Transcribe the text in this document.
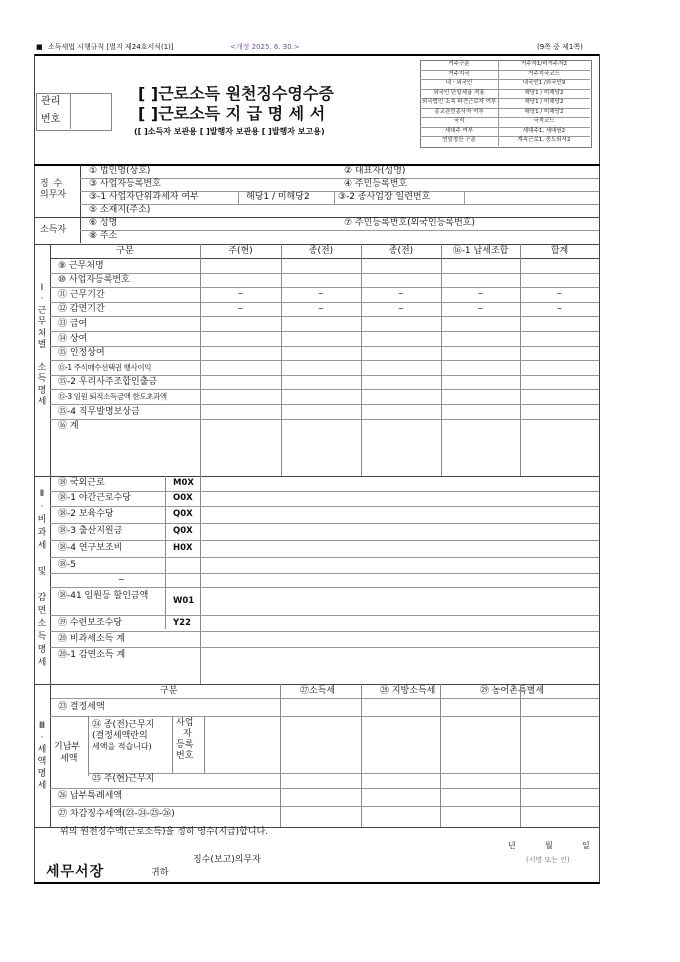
■ 소득세법 시행규칙 [별지 제24호서식(1)]	<개정 2025. 6. 30.>	(9쪽 중 제1쪽)
관리
번호
[ ]근로소득 원천징수영수증
[ ]근로소득 지 급 명 세 서
([ ]소득자 보관용 [ ]발행자 보관용 [ ]발행자 보고용)
거주구분	거주자1/비거주자2
거주지국	거주지국코드
내ㆍ외국인	내국인1 /외국인9
외국인 단일세율 적용	해당1 / 미해당2
외국법인 소속 파견근로자 여부	해당1 / 미해당2
종교관련종사자 여부	해당1 / 미해당2
국적	국적코드
세대주 여부	세대주1, 세대원2
연말정산 구분	계속근로1, 중도퇴사2
징 수
의무자
① 법인명(상호)	② 대표자(성명)
③ 사업자등록번호	④ 주민등록번호
③-1 사업자단위과세자 여부	해당1 / 미해당2	③-2 종사업장 일련번호
⑤ 소재지(주소)
소득자
⑥ 성명	⑦ 주민등록번호(외국인등록번호)
⑧ 주소
구분	주(현)	종(전)	종(전)	⑯-1 납세조합	합계
Ⅰ
·
근
무
처
별
소
득
명
세
⑨ 근무처명
⑩ 사업자등록번호
⑪ 근무기간	~	~	~	~	~
⑫ 감면기간	~	~	~	~	~
⑬ 급여
⑭ 상여
⑮ 인정상여
⑮-1 주식매수선택권 행사이익
⑮-2 우리사주조합인출금
⑮-3 임원 퇴직소득금액 한도초과액
⑮-4 직무발명보상금
⑯ 계
Ⅱ
·
비
과
세
및
감
면
소
득
명
세
⑱ 국외근로	M0X
⑱-1 야간근로수당	O0X
⑱-2 보육수당	Q0X
⑱-3 출산지원금	Q0X
⑱-4 연구보조비	H0X
⑱-5
~
⑱-41 임원등 할인금액	W01
⑲ 수련보조수당	Y22
⑳ 비과세소득 계
⑳-1 감면소득 계
구분	㉗소득세	㉘ 지방소득세	㉙ 농어촌특별세
Ⅲ
·
세
액
명
세
㉓ 결정세액
기납부
세액
㉔ 종(전)근무지
(결정세액란의
세액을 적습니다)
사업
자
등록
번호
㉕ 주(현)근무지
㉖ 납부특례세액
㉗ 차감징수세액(㉓-㉔-㉕-㉖)
위의 원천징수액(근로소득)을 정히 영수(지급)합니다.
년	월	일
징수(보고)의무자	(서명 또는 인)
세무서장	귀하
